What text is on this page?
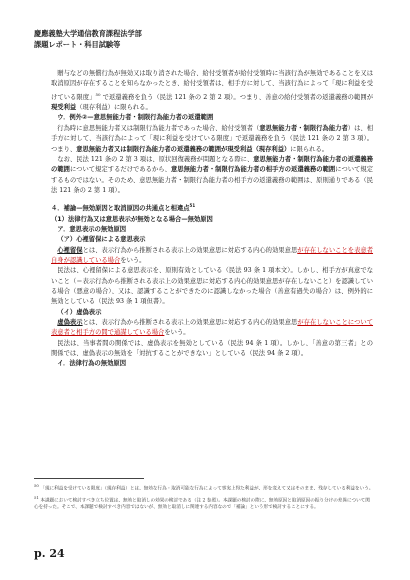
慶應義塾大学通信教育課程法学部
課題レポート・科目試験等

贈与などの無償行為が無効又は取り消された場合、給付受領者が給付受領時に当該行為が無効であることを又は取消原因が存在することを知らなかったとき、給付受領者は、相手方に対して、当該行為によって「現に利益を受けている限度」$^{50}$ で返還義務を負う（民法 121 条の 2 第 2 項）。つまり、善意の給付受領者の返還義務の範囲が現受利益（現存利益）に限られる。

ウ．例外②—意思無能力者・制限行為能力者の返還範囲

行為時に意思無能力者又は制限行為能力者であった場合、給付受領者（意思無能力者・制限行為能力者）は、相手方に対して、当該行為によって「現に利益を受けている限度」で返還義務を負う（民法 121 条の 2 第 3 項）。つまり、意思無能力者又は制限行為能力者の返還義務の範囲が現受利益（現存利益）に限られる。

なお、民法 121 条の 2 第 3 項は、原状回復義務が問題となる際に、意思無能力者・制限行為能力者の返還義務の範囲について規定するだけであるから、意思無能力者・制限行為能力者の相手方の返還義務の範囲について規定するものではない。そのため、意思無能力者・制限行為能力者の相手方の返還義務の範囲は、原則通りである（民法 121 条の 2 第 1 項）。

４．補論—無効原因と取消原因の共通点と相違点$^{51}$

（1）法律行為又は意思表示が無効となる場合—無効原因

ア．意思表示の無効原因

（ア）心裡留保による意思表示

心裡留保とは、表示行為から推断される表示上の効果意思に対応する内心的効果意思が存在しないことを表意者自身が認識している場合をいう。

民法は、心裡留保による意思表示を、原則有効としている（民法 93 条 1 項本文）。しかし、相手方が真意でないこと（＝表示行為から推断される表示上の効果意思に対応する内心的効果意思が存在しないこと）を認識している場合（悪意の場合）、又は、認識することができたのに認識しなかった場合（善意有過失の場合）は、例外的に無効としている（民法 93 条 1 項但書）。

（イ）虚偽表示

虚偽表示とは、表示行為から推断される表示上の効果意思に対応する内心的効果意思が存在しないことについて表意者と相手方の間で通謀している場合をいう。

民法は、当事者間の関係では、虚偽表示を無効としている（民法 94 条 1 項）。しかし、「善意の第三者」との関係では、虚偽表示の無効を「対抗することができない」としている（民法 94 条 2 項）。

イ．法律行為の無効原因

$^{50}$ 「現に利益を受けている限度」（現存利益）とは、無効な行為・取消可能な行為によって事実上得た利益が、形を変えて又はそのまま、残存している利益をいう。

$^{51}$ 本課題において検討すべき立ち位置は、無効と取消しの効果の検討である（注 2 参照）。本課題の検討の際に、無効原因と取消原因の振り分けの差異について関心を持った。そこで、本課題で検討すべき内容ではないが、無効と取消しに関連する内容なので「補論」という形で検討することにする。

p. 24
